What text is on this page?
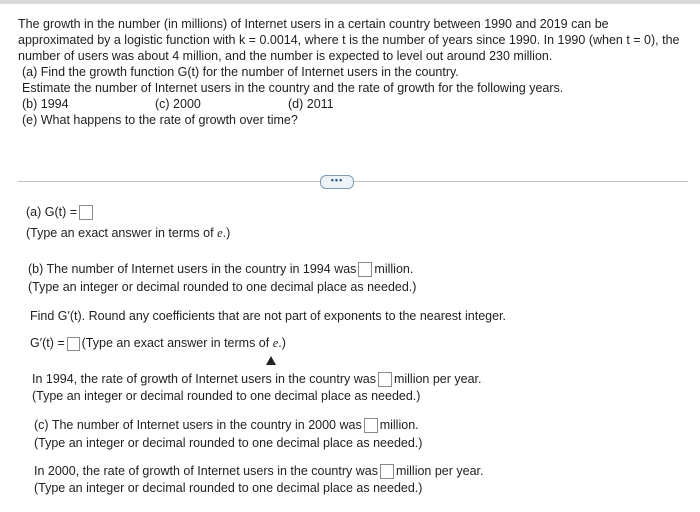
The growth in the number (in millions) of Internet users in a certain country between 1990 and 2019 can be
approximated by a logistic function with k = 0.0014, where t is the number of years since 1990. In 1990 (when t = 0), the
number of users was about 4 million, and the number is expected to level out around 230 million.
(a) Find the growth function G(t) for the number of Internet users in the country.
Estimate the number of Internet users in the country and the rate of growth for the following years.
(b) 1994	(c) 2000	(d) 2011
(e) What happens to the rate of growth over time?
•••
(a) G(t) =
(Type an exact answer in terms of e.)
(b) The number of Internet users in the country in 1994 was million.
(Type an integer or decimal rounded to one decimal place as needed.)
Find G′(t). Round any coefficients that are not part of exponents to the nearest integer.
G′(t) = (Type an exact answer in terms of e.)
In 1994, the rate of growth of Internet users in the country was million per year.
(Type an integer or decimal rounded to one decimal place as needed.)
(c) The number of Internet users in the country in 2000 was million.
(Type an integer or decimal rounded to one decimal place as needed.)
In 2000, the rate of growth of Internet users in the country was million per year.
(Type an integer or decimal rounded to one decimal place as needed.)
